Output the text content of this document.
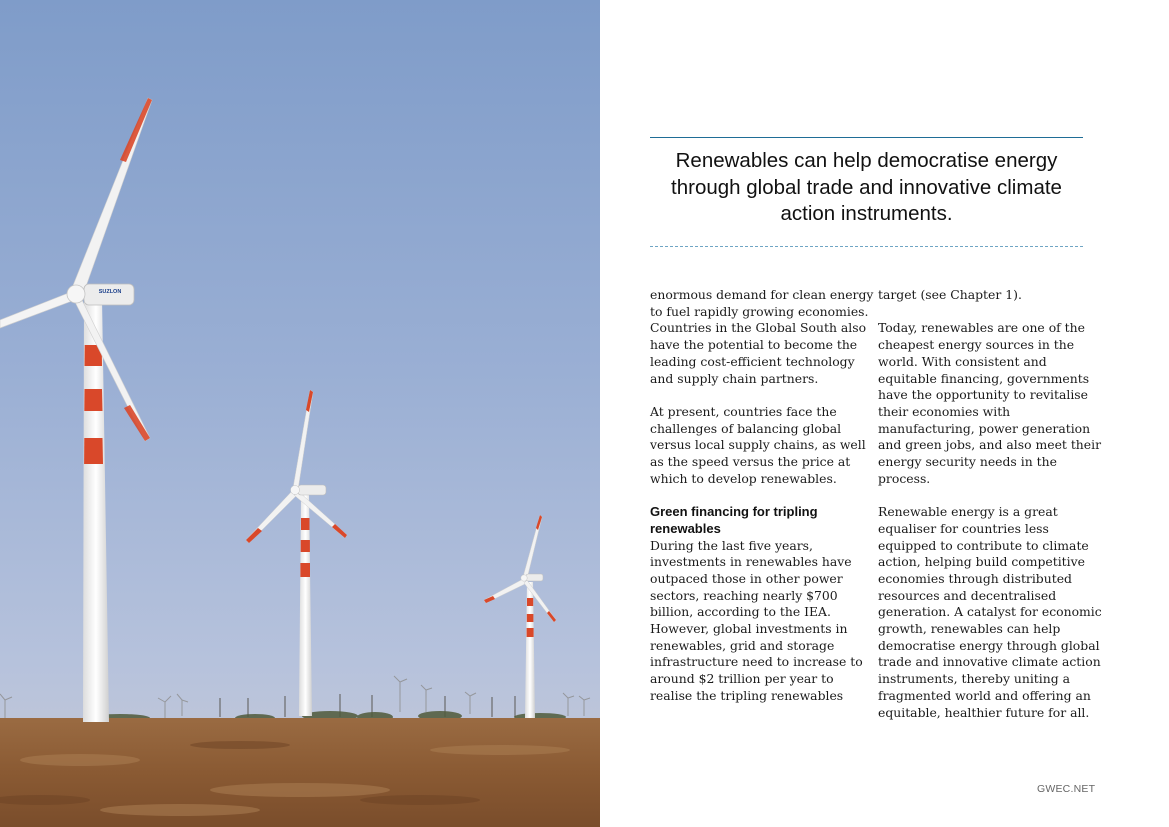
SUZLON
Renewables can help democratise energy through global trade and innovative climate action instruments.

enormous demand for clean energy to fuel rapidly growing economies. Countries in the Global South also have the potential to become the leading cost-efficient technology and supply chain partners.

At present, countries face the challenges of balancing global versus local supply chains, as well as the speed versus the price at which to develop renewables.

Green financing for tripling renewables

During the last five years, investments in renewables have outpaced those in other power sectors, reaching nearly $700 billion, according to the IEA. However, global investments in renewables, grid and storage infrastructure need to increase to around $2 trillion per year to realise the tripling renewables

target (see Chapter 1).

Today, renewables are one of the cheapest energy sources in the world. With consistent and equitable financing, governments have the opportunity to revitalise their economies with manufacturing, power generation and green jobs, and also meet their energy security needs in the process.

Renewable energy is a great equaliser for countries less equipped to contribute to climate action, helping build competitive economies through distributed resources and decentralised generation. A catalyst for economic growth, renewables can help democratise energy through global trade and innovative climate action instruments, thereby uniting a fragmented world and offering an equitable, healthier future for all.

GWEC.NET
